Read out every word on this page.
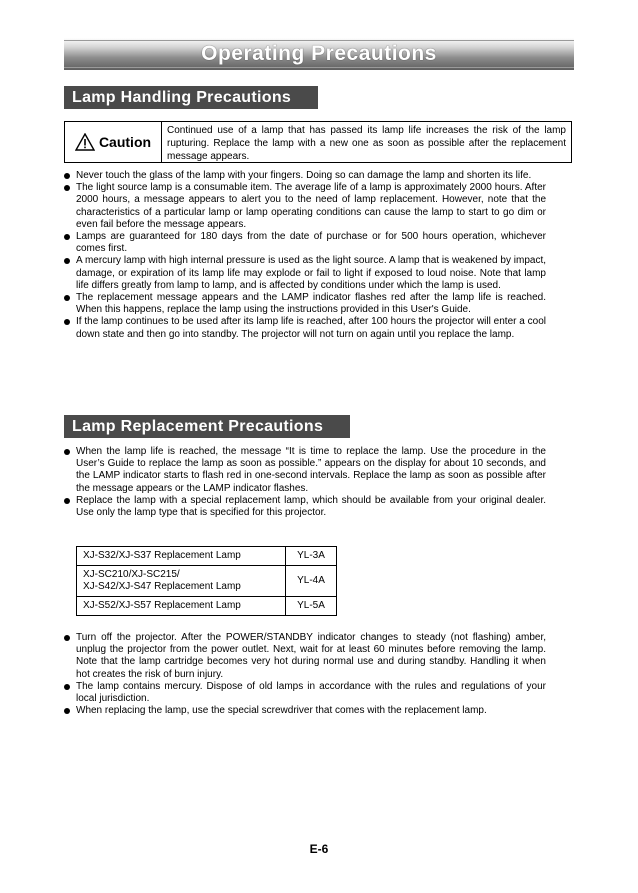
Operating Precautions
Lamp Handling Precautions
Caution
Continued use of a lamp that has passed its lamp life increases the risk of the lamp rupturing. Replace the lamp with a new one as soon as possible after the replacement message appears.
Never touch the glass of the lamp with your fingers. Doing so can damage the lamp and shorten its life.
The light source lamp is a consumable item. The average life of a lamp is approximately 2000 hours. After 2000 hours, a message appears to alert you to the need of lamp replacement. However, note that the characteristics of a particular lamp or lamp operating conditions can cause the lamp to start to go dim or even fail before the message appears.
Lamps are guaranteed for 180 days from the date of purchase or for 500 hours operation, whichever comes first.
A mercury lamp with high internal pressure is used as the light source. A lamp that is weakened by impact, damage, or expiration of its lamp life may explode or fail to light if exposed to loud noise. Note that lamp life differs greatly from lamp to lamp, and is affected by conditions under which the lamp is used.
The replacement message appears and the LAMP indicator flashes red after the lamp life is reached. When this happens, replace the lamp using the instructions provided in this User's Guide.
If the lamp continues to be used after its lamp life is reached, after 100 hours the projector will enter a cool down state and then go into standby. The projector will not turn on again until you replace the lamp.
Lamp Replacement Precautions
When the lamp life is reached, the message “It is time to replace the lamp. Use the procedure in the User’s Guide to replace the lamp as soon as possible.” appears on the display for about 10 seconds, and the LAMP indicator starts to flash red in one-second intervals. Replace the lamp as soon as possible after the message appears or the LAMP indicator flashes.
Replace the lamp with a special replacement lamp, which should be available from your original dealer. Use only the lamp type that is specified for this projector.
XJ-S32/XJ-S37 Replacement Lamp	YL-3A

XJ-SC210/XJ-SC215/
XJ-S42/XJ-S47 Replacement Lamp	YL-4A

XJ-S52/XJ-S57 Replacement Lamp	YL-5A
Turn off the projector. After the POWER/STANDBY indicator changes to steady (not flashing) amber, unplug the projector from the power outlet. Next, wait for at least 60 minutes before removing the lamp. Note that the lamp cartridge becomes very hot during normal use and during standby. Handling it when hot creates the risk of burn injury.
The lamp contains mercury. Dispose of old lamps in accordance with the rules and regulations of your local jurisdiction.
When replacing the lamp, use the special screwdriver that comes with the replacement lamp.
E-6
